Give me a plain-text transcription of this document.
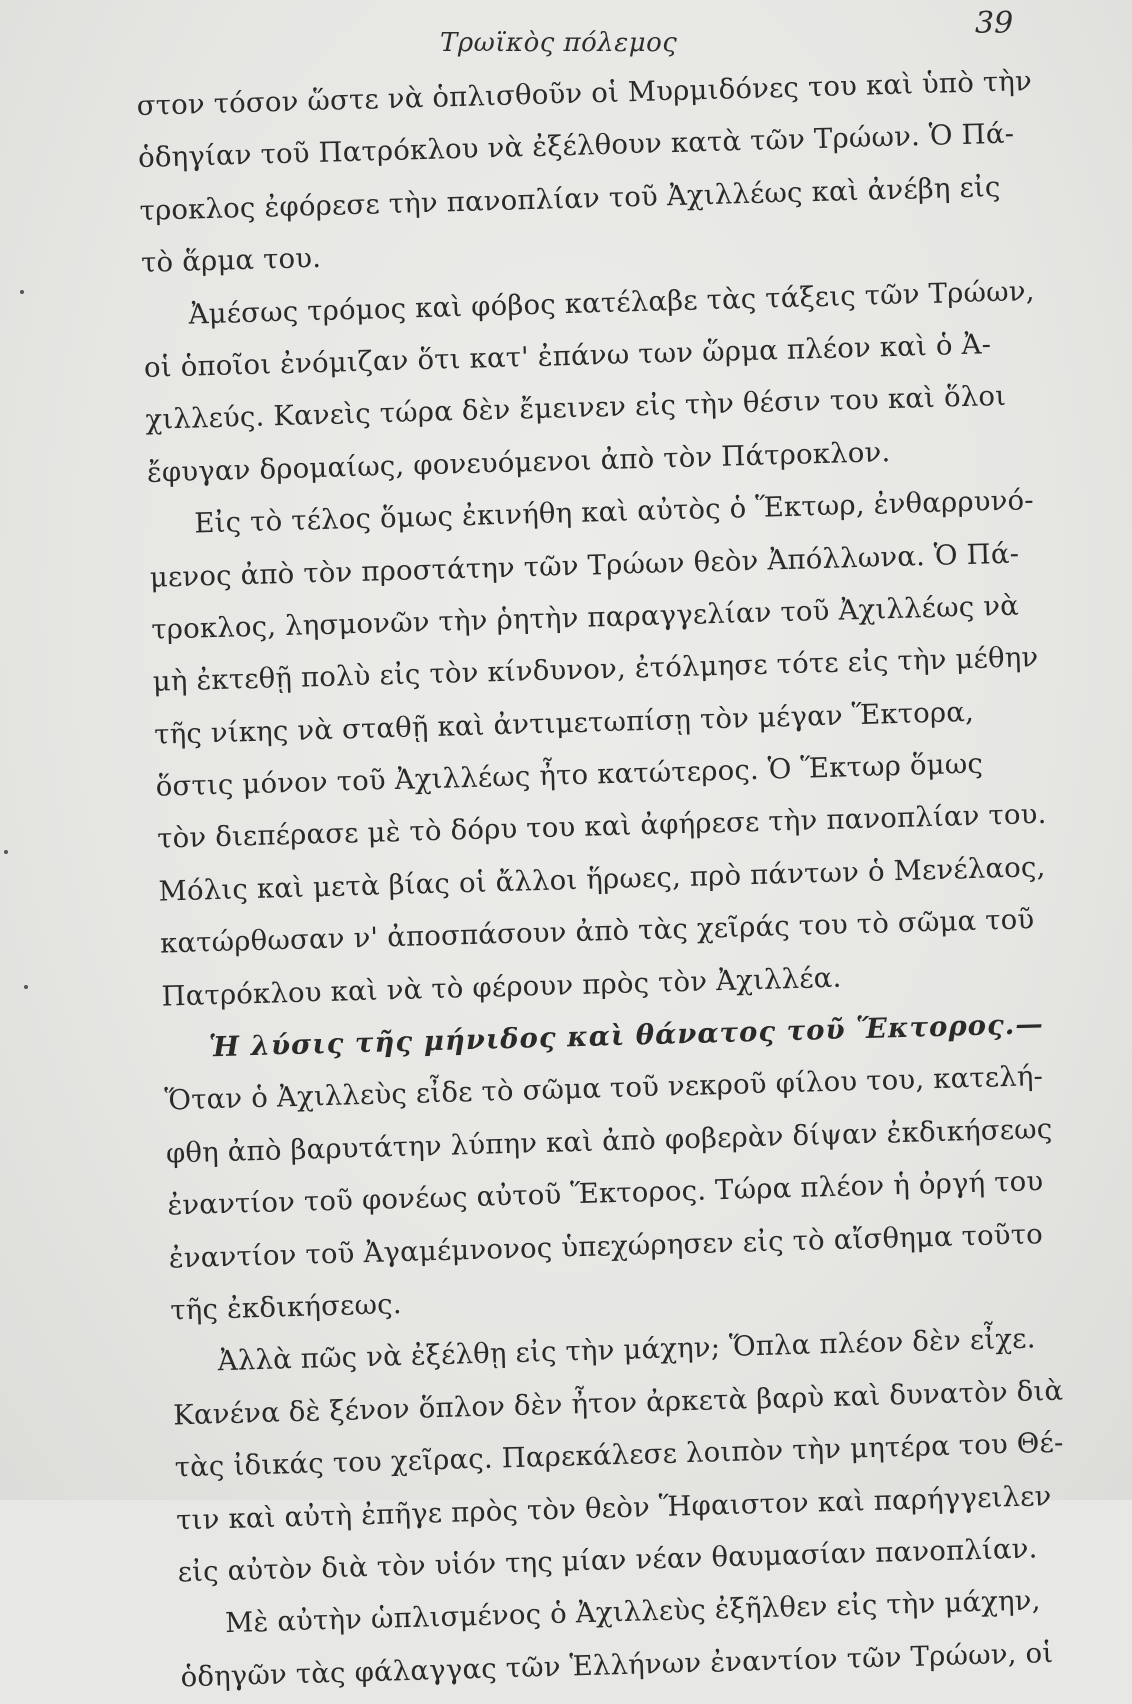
Τρωϊκὸς πόλεμος
39
στον τόσον ὥστε νὰ ὁπλισθοῦν οἱ Μυρμιδόνες του καὶ ὑπὸ τὴν
ὁδηγίαν τοῦ Πατρόκλου νὰ ἐξέλθουν κατὰ τῶν Τρώων. Ὁ Πά-
τροκλος ἐφόρεσε τὴν πανοπλίαν τοῦ Ἀχιλλέως καὶ ἀνέβη εἰς
τὸ ἅρμα του.
Ἀμέσως τρόμος καὶ φόβος κατέλαβε τὰς τάξεις τῶν Τρώων,
οἱ ὁποῖοι ἐνόμιζαν ὅτι κατ' ἐπάνω των ὥρμα πλέον καὶ ὁ Ἀ-
χιλλεύς. Κανεὶς τώρα δὲν ἔμεινεν εἰς τὴν θέσιν του καὶ ὅλοι
ἔφυγαν δρομαίως, φονευόμενοι ἀπὸ τὸν Πάτροκλον.
Εἰς τὸ τέλος ὅμως ἐκινήθη καὶ αὐτὸς ὁ Ἕκτωρ, ἐνθαρρυνό-
μενος ἀπὸ τὸν προστάτην τῶν Τρώων θεὸν Ἀπόλλωνα. Ὁ Πά-
τροκλος, λησμονῶν τὴν ῥητὴν παραγγελίαν τοῦ Ἀχιλλέως νὰ
μὴ ἐκτεθῇ πολὺ εἰς τὸν κίνδυνον, ἐτόλμησε τότε εἰς τὴν μέθην
τῆς νίκης νὰ σταθῇ καὶ ἀντιμετωπίσῃ τὸν μέγαν Ἕκτορα,
ὅστις μόνον τοῦ Ἀχιλλέως ἦτο κατώτερος. Ὁ Ἕκτωρ ὅμως
τὸν διεπέρασε μὲ τὸ δόρυ του καὶ ἀφήρεσε τὴν πανοπλίαν του.
Μόλις καὶ μετὰ βίας οἱ ἄλλοι ἥρωες, πρὸ πάντων ὁ Μενέλαος,
κατώρθωσαν ν' ἀποσπάσουν ἀπὸ τὰς χεῖράς του τὸ σῶμα τοῦ
Πατρόκλου καὶ νὰ τὸ φέρουν πρὸς τὸν Ἀχιλλέα.
Ἡ λύσις τῆς μήνιδος καὶ θάνατος τοῦ Ἕκτορος.—
Ὅταν ὁ Ἀχιλλεὺς εἶδε τὸ σῶμα τοῦ νεκροῦ φίλου του, κατελή-
φθη ἀπὸ βαρυτάτην λύπην καὶ ἀπὸ φοβερὰν δίψαν ἐκδικήσεως
ἐναντίον τοῦ φονέως αὐτοῦ Ἕκτορος. Τώρα πλέον ἡ ὀργή του
ἐναντίον τοῦ Ἀγαμέμνονος ὑπεχώρησεν εἰς τὸ αἴσθημα τοῦτο
τῆς ἐκδικήσεως.
Ἀλλὰ πῶς νὰ ἐξέλθῃ εἰς τὴν μάχην; Ὅπλα πλέον δὲν εἶχε.
Κανένα δὲ ξένον ὅπλον δὲν ἦτον ἀρκετὰ βαρὺ καὶ δυνατὸν διὰ
τὰς ἰδικάς του χεῖρας. Παρεκάλεσε λοιπὸν τὴν μητέρα του Θέ-
τιν καὶ αὐτὴ ἐπῆγε πρὸς τὸν θεὸν Ἥφαιστον καὶ παρήγγειλεν
εἰς αὐτὸν διὰ τὸν υἱόν της μίαν νέαν θαυμασίαν πανοπλίαν.
Μὲ αὐτὴν ὡπλισμένος ὁ Ἀχιλλεὺς ἐξῆλθεν εἰς τὴν μάχην,
ὁδηγῶν τὰς φάλαγγας τῶν Ἑλλήνων ἐναντίον τῶν Τρώων, οἱ
